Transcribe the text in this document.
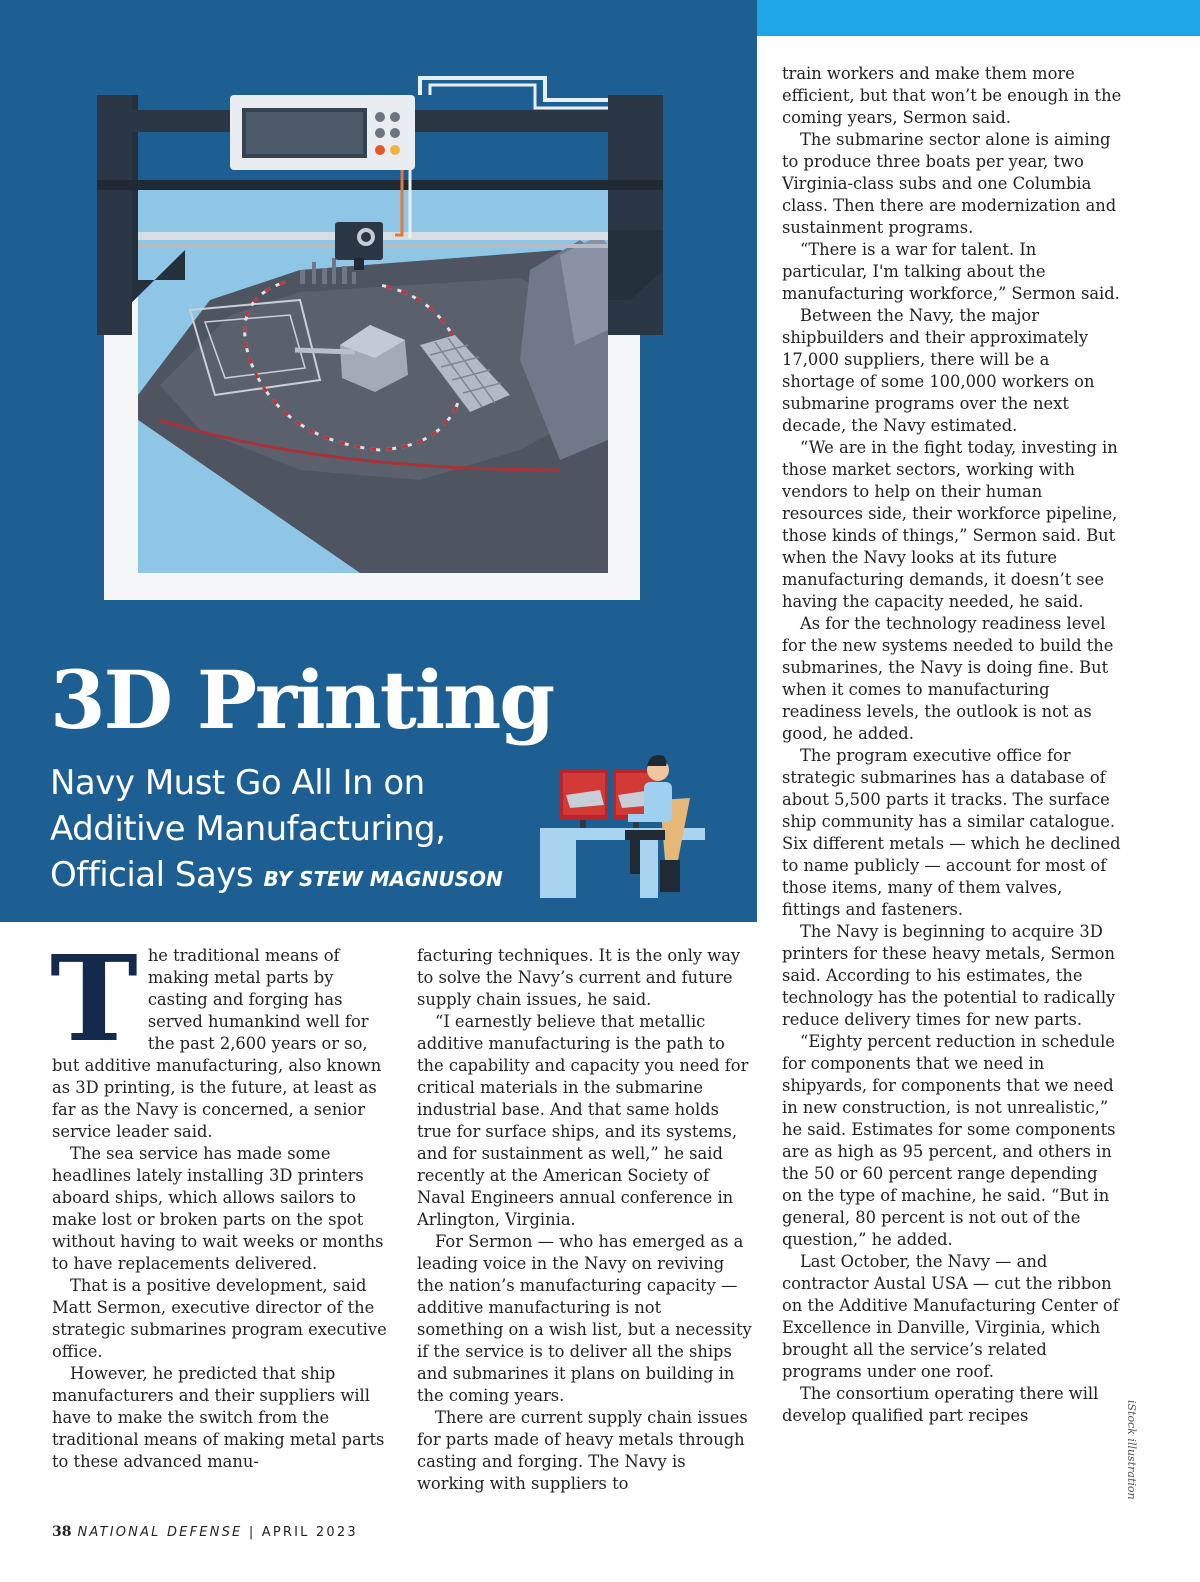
3D Printing
Navy Must Go All In on Additive Manufacturing, Official Says BY STEW MAGNUSON

The traditional means of making metal parts by casting and forging has served humankind well for the past 2,600 years or so, but additive manufacturing, also known as 3D printing, is the future, at least as far as the Navy is concerned, a senior service leader said.

The sea service has made some headlines lately installing 3D printers aboard ships, which allows sailors to make lost or broken parts on the spot without having to wait weeks or months to have replacements delivered.

That is a positive development, said Matt Sermon, executive director of the strategic submarines program executive office.

However, he predicted that ship manufacturers and their suppliers will have to make the switch from the traditional means of making metal parts to these advanced manu-

facturing techniques. It is the only way to solve the Navy’s current and future supply chain issues, he said.

“I earnestly believe that metallic additive manufacturing is the path to the capability and capacity you need for critical materials in the submarine industrial base. And that same holds true for surface ships, and its systems, and for sustainment as well,” he said recently at the American Society of Naval Engineers annual conference in Arlington, Virginia.

For Sermon — who has emerged as a leading voice in the Navy on reviving the nation’s manufacturing capacity — additive manufacturing is not something on a wish list, but a necessity if the service is to deliver all the ships and submarines it plans on building in the coming years.

There are current supply chain issues for parts made of heavy metals through casting and forging. The Navy is working with suppliers to

train workers and make them more efficient, but that won’t be enough in the coming years, Sermon said.

The submarine sector alone is aiming to produce three boats per year, two Virginia-class subs and one Columbia class. Then there are modernization and sustainment programs.

“There is a war for talent. In particular, I'm talking about the manufacturing workforce,” Sermon said.

Between the Navy, the major shipbuilders and their approximately 17,000 suppliers, there will be a shortage of some 100,000 workers on submarine programs over the next decade, the Navy estimated.

“We are in the fight today, investing in those market sectors, working with vendors to help on their human resources side, their workforce pipeline, those kinds of things,” Sermon said. But when the Navy looks at its future manufacturing demands, it doesn’t see having the capacity needed, he said.

As for the technology readiness level for the new systems needed to build the submarines, the Navy is doing fine. But when it comes to manufacturing readiness levels, the outlook is not as good, he added.

The program executive office for strategic submarines has a database of about 5,500 parts it tracks. The surface ship community has a similar catalogue. Six different metals — which he declined to name publicly — account for most of those items, many of them valves, fittings and fasteners.

The Navy is beginning to acquire 3D printers for these heavy metals, Sermon said. According to his estimates, the technology has the potential to radically reduce delivery times for new parts.

“Eighty percent reduction in schedule for components that we need in shipyards, for components that we need in new construction, is not unrealistic,” he said. Estimates for some components are as high as 95 percent, and others in the 50 or 60 percent range depending on the type of machine, he said. “But in general, 80 percent is not out of the question,” he added.

Last October, the Navy — and contractor Austal USA — cut the ribbon on the Additive Manufacturing Center of Excellence in Danville, Virginia, which brought all the service’s related programs under one roof.

The consortium operating there will develop qualified part recipes	iStock illustration
38 NATIONAL DEFENSE | APRIL 2023
